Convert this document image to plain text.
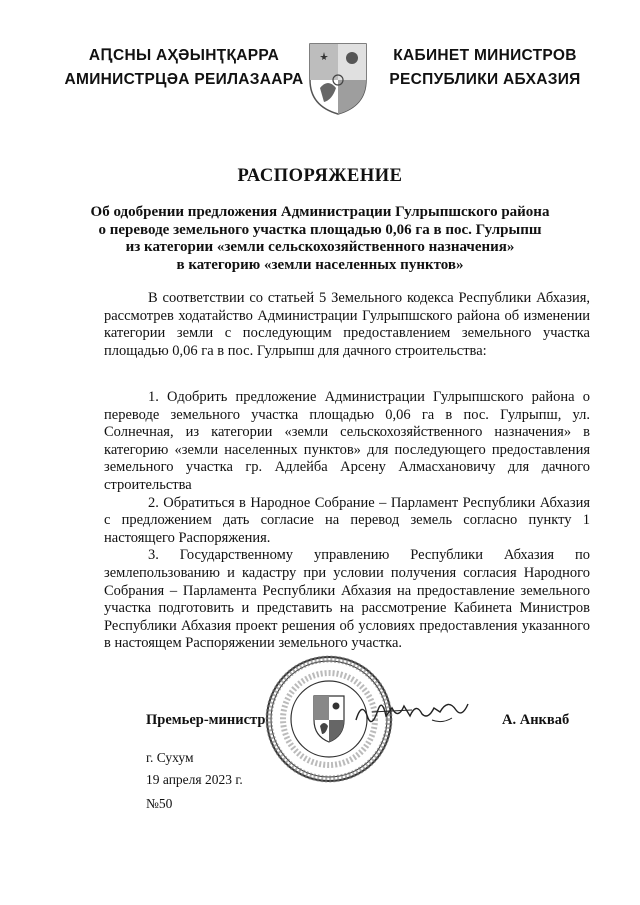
АԤСНЫ АҲӘЫНҬҚАРРА
АМИНИСТРЦӘА РЕИЛАЗААРА
КАБИНЕТ МИНИСТРОВ
РЕСПУБЛИКИ АБХАЗИЯ
РАСПОРЯЖЕНИЕ
Об одобрении предложения Администрации Гулрыпшского района
о переводе земельного участка площадью 0,06 га в пос. Гулрыпш
из категории «земли сельскохозяйственного назначения»
в категорию «земли населенных пунктов»

В соответствии со статьей 5 Земельного кодекса Республики Абхазия, рассмотрев ходатайство Администрации Гулрыпшского района об изменении категории земли с последующим предоставлением земельного участка площадью 0,06 га в пос. Гулрыпш для дачного строительства:

1. Одобрить предложение Администрации Гулрыпшского района о переводе земельного участка площадью 0,06 га в пос. Гулрыпш, ул. Солнечная, из категории «земли сельскохозяйственного назначения» в категорию «земли населенных пунктов» для последующего предоставления земельного участка гр. Адлейба Арсену Алмасхановичу для дачного строительства

2. Обратиться в Народное Собрание – Парламент Республики Абхазия с предложением дать согласие на перевод земель согласно пункту 1 настоящего Распоряжения.

3. Государственному управлению Республики Абхазия по землепользованию и кадастру при условии получения согласия Народного Собрания – Парламента Республики Абхазия на предоставление земельного участка подготовить и представить на рассмотрение Кабинета Министров Республики Абхазия проект решения об условиях предоставления указанного в настоящем Распоряжении земельного участка.

Премьер-министр	А. Анкваб
г. Сухум
19 апреля 2023 г.
№50
